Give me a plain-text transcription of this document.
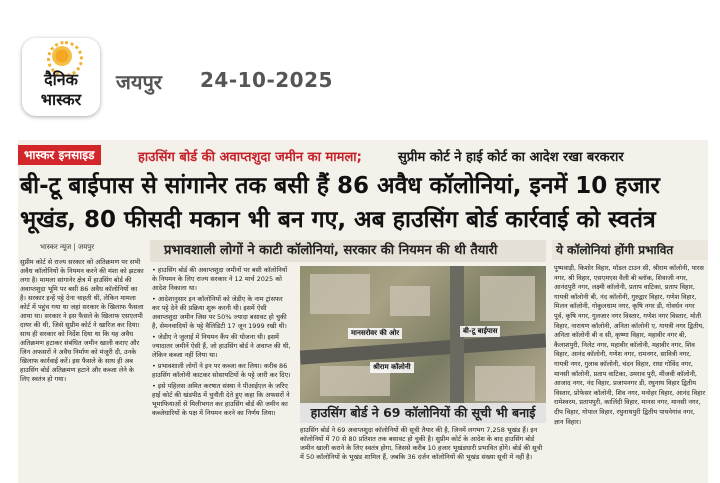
दैनिक
भास्कर
जयपुर 24-10-2025
भास्कर इनसाइड	हाउसिंग बोर्ड की अवाप्तशुदा जमीन का मामला;	सुप्रीम कोर्ट ने हाई कोर्ट का आदेश रखा बरकरार
बी-टू बाईपास से सांगानेर तक बसी हैं 86 अवैध कॉलोनियां, इनमें 10 हजार
भूखंड, 80 फीसदी मकान भी बन गए, अब हाउसिंग बोर्ड कार्रवाई को स्वतंत्र
भास्कर न्यूज | जयपुर

सुप्रीम कोर्ट से राज्य सरकार को अतिक्रमण पर सभी अवैध कॉलोनियों के नियमन करने की मंशा को झटका लगा है। मामला सांगानेर क्षेत्र में हाउसिंग बोर्ड की अवाप्तशुदा भूमि पर बसी 86 अवैध कॉलोनियों का है। सरकार इन्हें पट्टे देना चाहती थी, लेकिन मामला कोर्ट में पहुंच गया था जहां सरकार के खिलाफ फैसला आया था। सरकार ने इस फैसले के खिलाफ एसएलपी दायर की थी, जिसे सुप्रीम कोर्ट ने खारिज कर दिया। साथ ही सरकार को निर्देश दिया था कि यह अवैध अतिक्रमण हटाकर संबंधित जमीन खाली कराए और जिन अफसरों ने अवैध निर्माण को मंजूरी दी, उनके खिलाफ कार्रवाई करें। इस फैसले के साथ ही अब हाउसिंग बोर्ड अतिक्रमण हटाने और कब्जा लेने के लिए स्वतंत्र हो गया।

प्रभावशाली लोगों ने काटी कॉलोनियां, सरकार की नियमन की थी तैयारी
• हाउसिंग बोर्ड की अवाप्तशुदा जमीनों पर बसी कॉलोनियों के नियमन के लिए राज्य सरकार ने 12 मार्च 2025 को आदेश निकाला था।
• आदेशानुसार इन कॉलोनियों को जेडीए के नाम ट्रांसफर कर पट्टे देने की प्रक्रिया शुरू करनी थी। इसमें ऐसी अवाप्तशुदा जमीन जिस पर 50% ज्यादा बसावट हो चुकी है, सेमनवादियों के पट्टे वैलिडिटी 17 जून 1999 रखी थी।
• जेडीए ने जुलाई में नियमन कैंप की योजना थी। इसमें ज्यादातर जमीनें ऐसी हैं, जो हाउसिंग बोर्ड ने अवाप्त की थी, लेकिन कब्जा नहीं लिया था।
• प्रभावशाली लोगों ने इन पर कब्जा कर लिया। करीब 86 हाउसिंग कॉलोनी काटकर सोसायटियों के पट्टे जारी कर दिए।
• इसे पहिलस अमित करषात संस्था ने पीआईएल के जरिए हाई कोर्ट की खंडपीठ में चुनौती देते हुए कहा कि अफसरों ने भूमाफियाओं से मिलीभगत कर हाउसिंग बोर्ड की जमीन का कब्जेधारियों के पक्ष में नियमन करने का निर्णय लिया।
मानसरोवर की ओर	बी-टू बाईपास
श्रीराम कॉलोनी
हाउसिंग बोर्ड ने 69 कॉलोनियों की सूची भी बनाई
हाउसिंग बोर्ड ने 69 अवाप्तशुदा कॉलोनियों की सूची तैयार की है, जिनमें लगभग 7,258 भूखंड हैं। इन कॉलोनियों में 70 से 80 प्रतिशत तक बसावट हो चुकी है। सुप्रीम कोर्ट के आदेश के बाद हाउसिंग बोर्ड जमीन खाली कराने के लिए स्वतंत्र होगा, जिससे करीब 10 हजार भूखंडधारी प्रभावित होंगे। बोर्ड की सूची में 50 कॉलोनियों के भूखंड शामिल हैं, जबकि 36 दर्जन कॉलोनियों की भूखंड संख्या सूची में नहीं है।
ये कॉलोनियां होंगी प्रभावित
पुष्पवाड़ी, किशोर विहार, मॉडल टाउन सी, श्रीराम कॉलोनी, पारस नगर, श्री विहार, एसएमएस वैली बी ब्लॉक, शिवाजी नगर, आनंदपुरी नगर, लक्ष्मी कॉलोनी, प्रताप वाटिका, प्रताप विहार, गायत्री कॉलोनी बी, नंद कॉलोनी, गुरुद्वार विहार, गणेश विहार, मिलन कॉलोनी, गोकुलधाम नगर, कृषि नगर डी, गोवर्धन नगर पूर्व, कृषि नगर, गुलजार नगर विस्तार, गणेश नगर विस्तार, मोती विहार, नारायण कॉलोनी, अनिता कॉलोनी ए, गायत्री नगर द्वितीय, अनिता कॉलोनी बी व सी, कृष्णा विहार, महावीर नगर बी, कैलाशपुरी, निलेट नगर, महावीर कॉलोनी, महावीर नगर, शिव विहार, आनंद कॉलोनी, गणेश नगर, रामनगर, सावित्री नगर, गायत्री नगर, गुलाब कॉलोनी, चंदन विहार, राधा गोविंद नगर, मानसी कॉलोनी, प्रताप वाटिका, उमराव पुरी, मीजवी कॉलोनी, आजाद नगर, नंद विहार, प्रजापनगर डी, रघुनाथ विहार द्वितीय विस्तार, प्रोफेसर कॉलोनी, शिव नगर, मनोहर विहार, आनंद विहार रामेश्वरम, प्रतापपुरी, कालिंदी विहार, मानस नगर, मानसी नगर, दीप विहार, गोपाल विहार, रघुनाथपुरी द्वितीय पायनेगांव नगर, ज्ञान विहार।
